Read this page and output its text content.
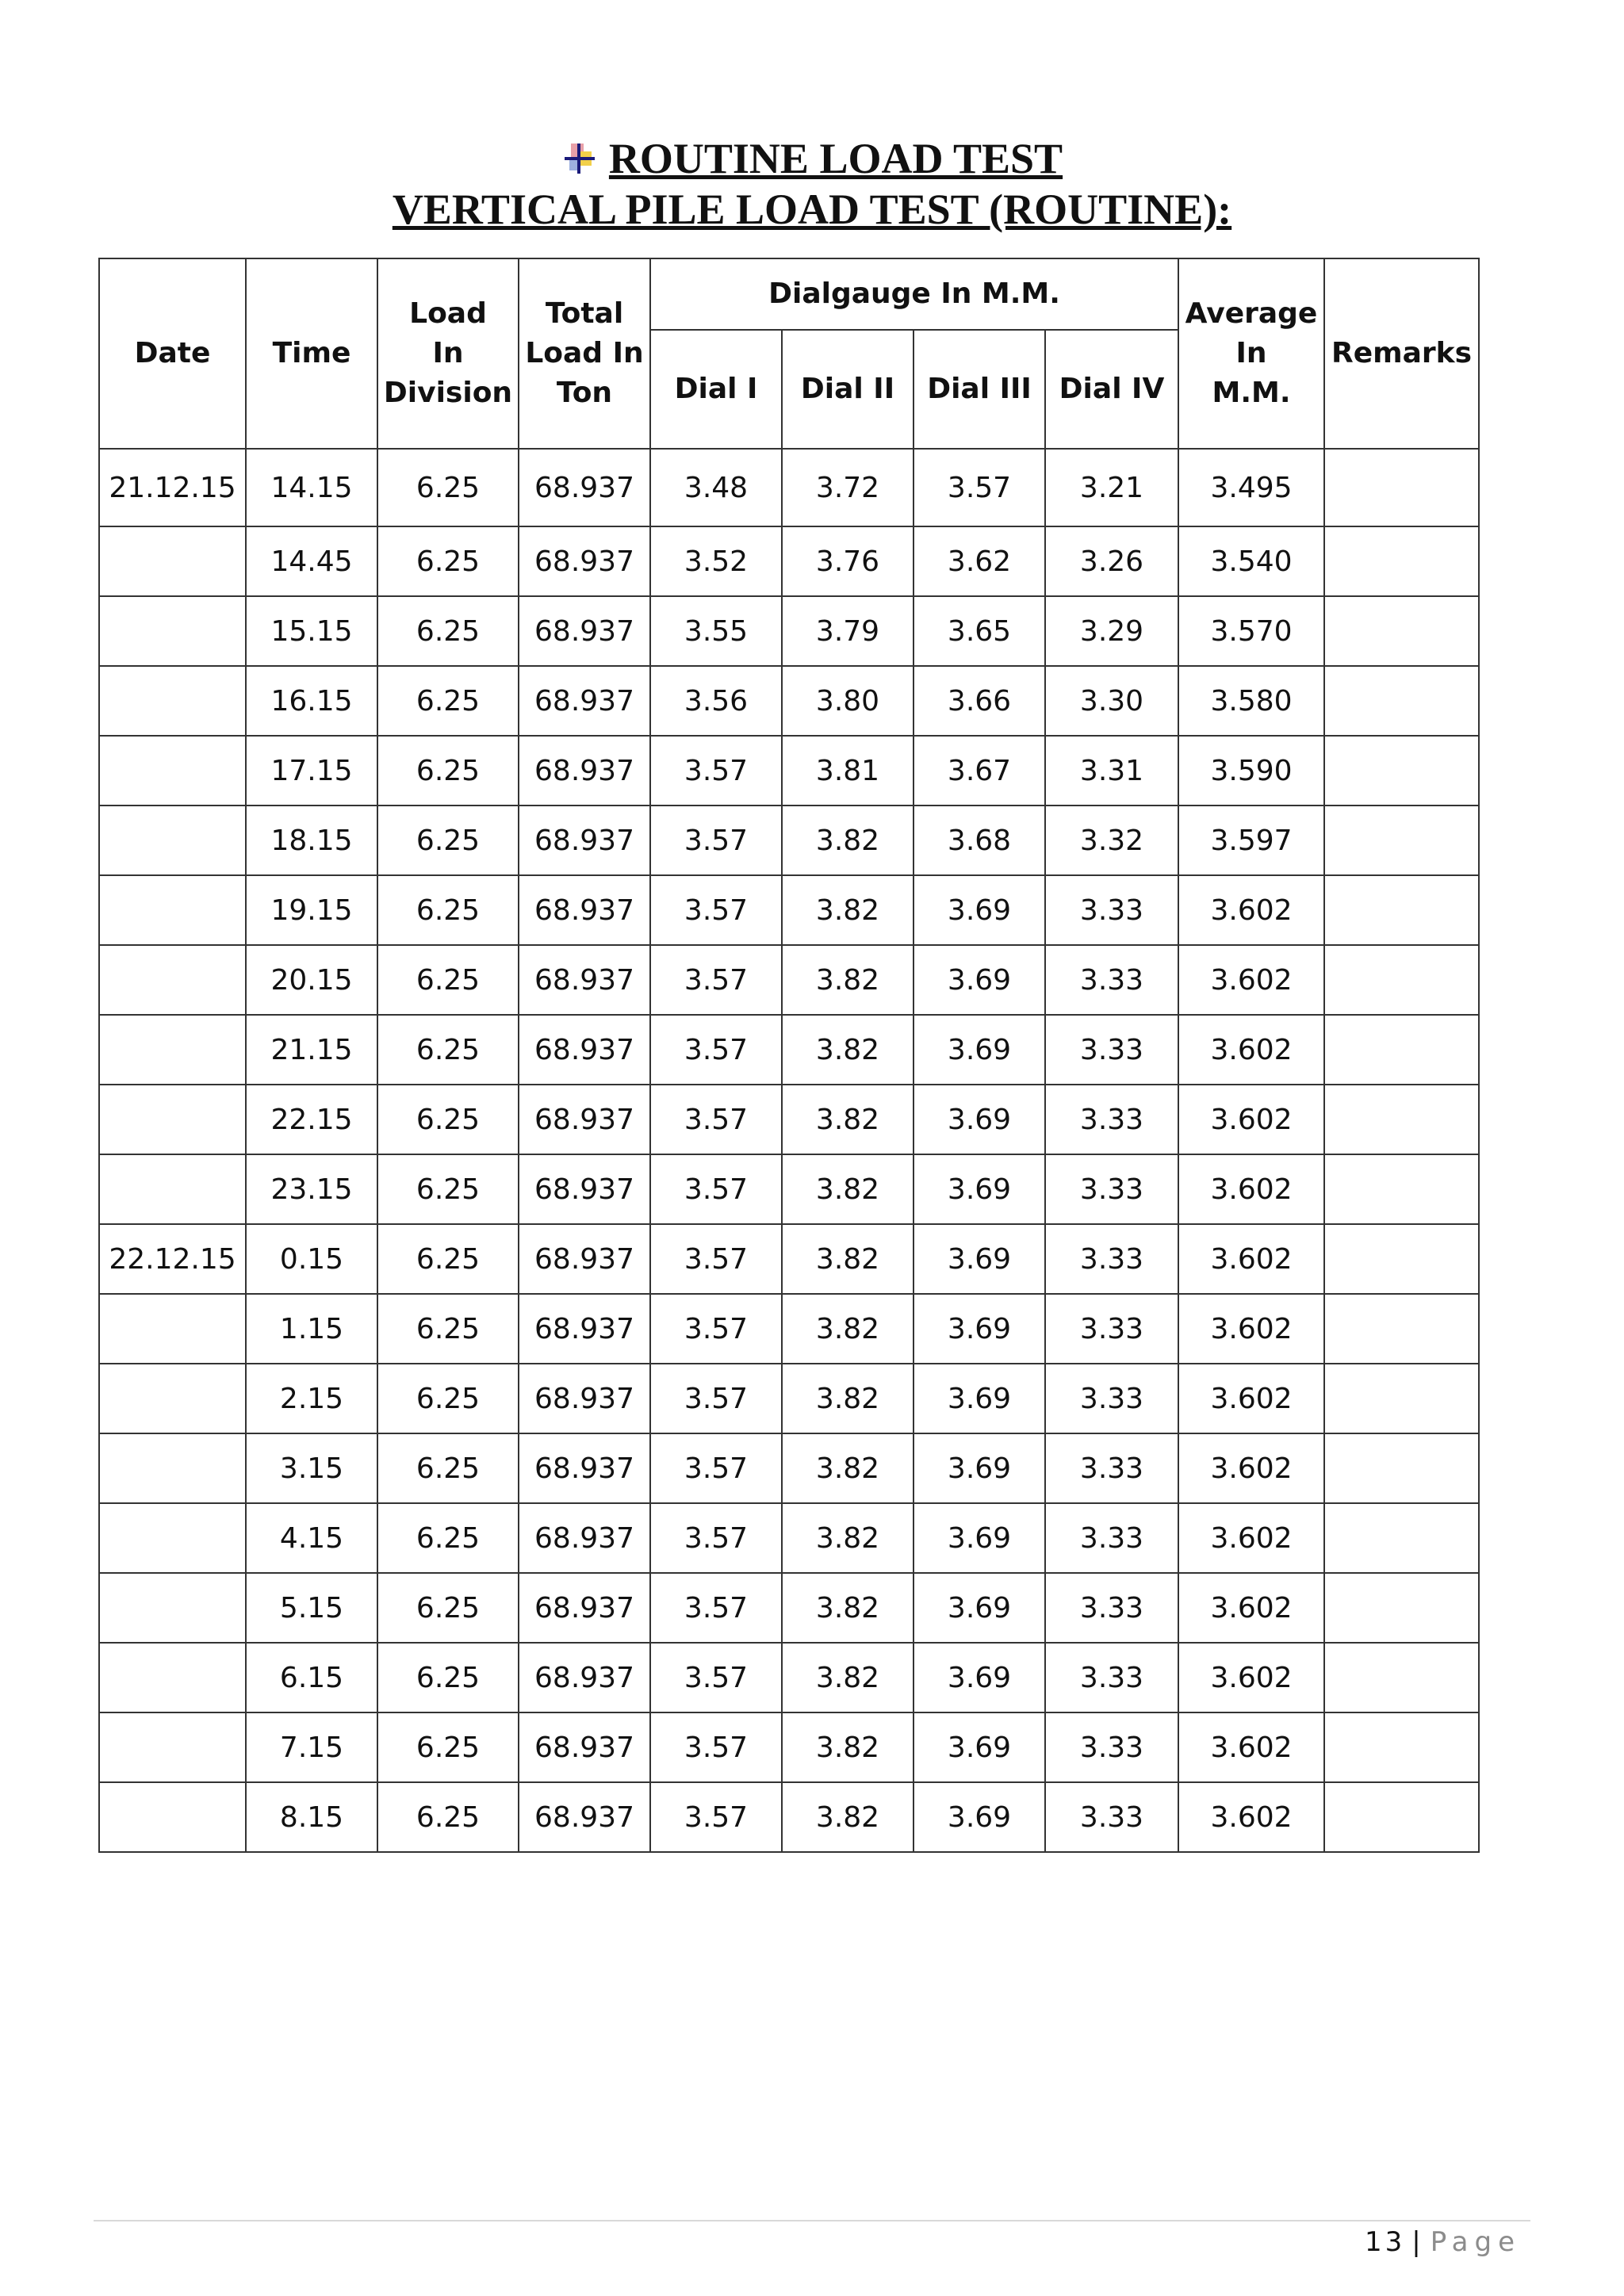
ROUTINE LOAD TEST
VERTICAL PILE LOAD TEST (ROUTINE):
Date	Time	Load
In
Division	Total
Load In
Ton	Dialgauge In M.M.				Average
In
M.M.	Remarks
				Dial I	Dial II	Dial III	Dial IV		
21.12.15	14.15	6.25	68.937	3.48	3.72	3.57	3.21	3.495	
	14.45	6.25	68.937	3.52	3.76	3.62	3.26	3.540	
	15.15	6.25	68.937	3.55	3.79	3.65	3.29	3.570	
	16.15	6.25	68.937	3.56	3.80	3.66	3.30	3.580	
	17.15	6.25	68.937	3.57	3.81	3.67	3.31	3.590	
	18.15	6.25	68.937	3.57	3.82	3.68	3.32	3.597	
	19.15	6.25	68.937	3.57	3.82	3.69	3.33	3.602	
	20.15	6.25	68.937	3.57	3.82	3.69	3.33	3.602	
	21.15	6.25	68.937	3.57	3.82	3.69	3.33	3.602	
	22.15	6.25	68.937	3.57	3.82	3.69	3.33	3.602	
	23.15	6.25	68.937	3.57	3.82	3.69	3.33	3.602	
22.12.15	0.15	6.25	68.937	3.57	3.82	3.69	3.33	3.602	
	1.15	6.25	68.937	3.57	3.82	3.69	3.33	3.602	
	2.15	6.25	68.937	3.57	3.82	3.69	3.33	3.602	
	3.15	6.25	68.937	3.57	3.82	3.69	3.33	3.602	
	4.15	6.25	68.937	3.57	3.82	3.69	3.33	3.602	
	5.15	6.25	68.937	3.57	3.82	3.69	3.33	3.602	
	6.15	6.25	68.937	3.57	3.82	3.69	3.33	3.602	
	7.15	6.25	68.937	3.57	3.82	3.69	3.33	3.602	
	8.15	6.25	68.937	3.57	3.82	3.69	3.33	3.602	
13 | Page
